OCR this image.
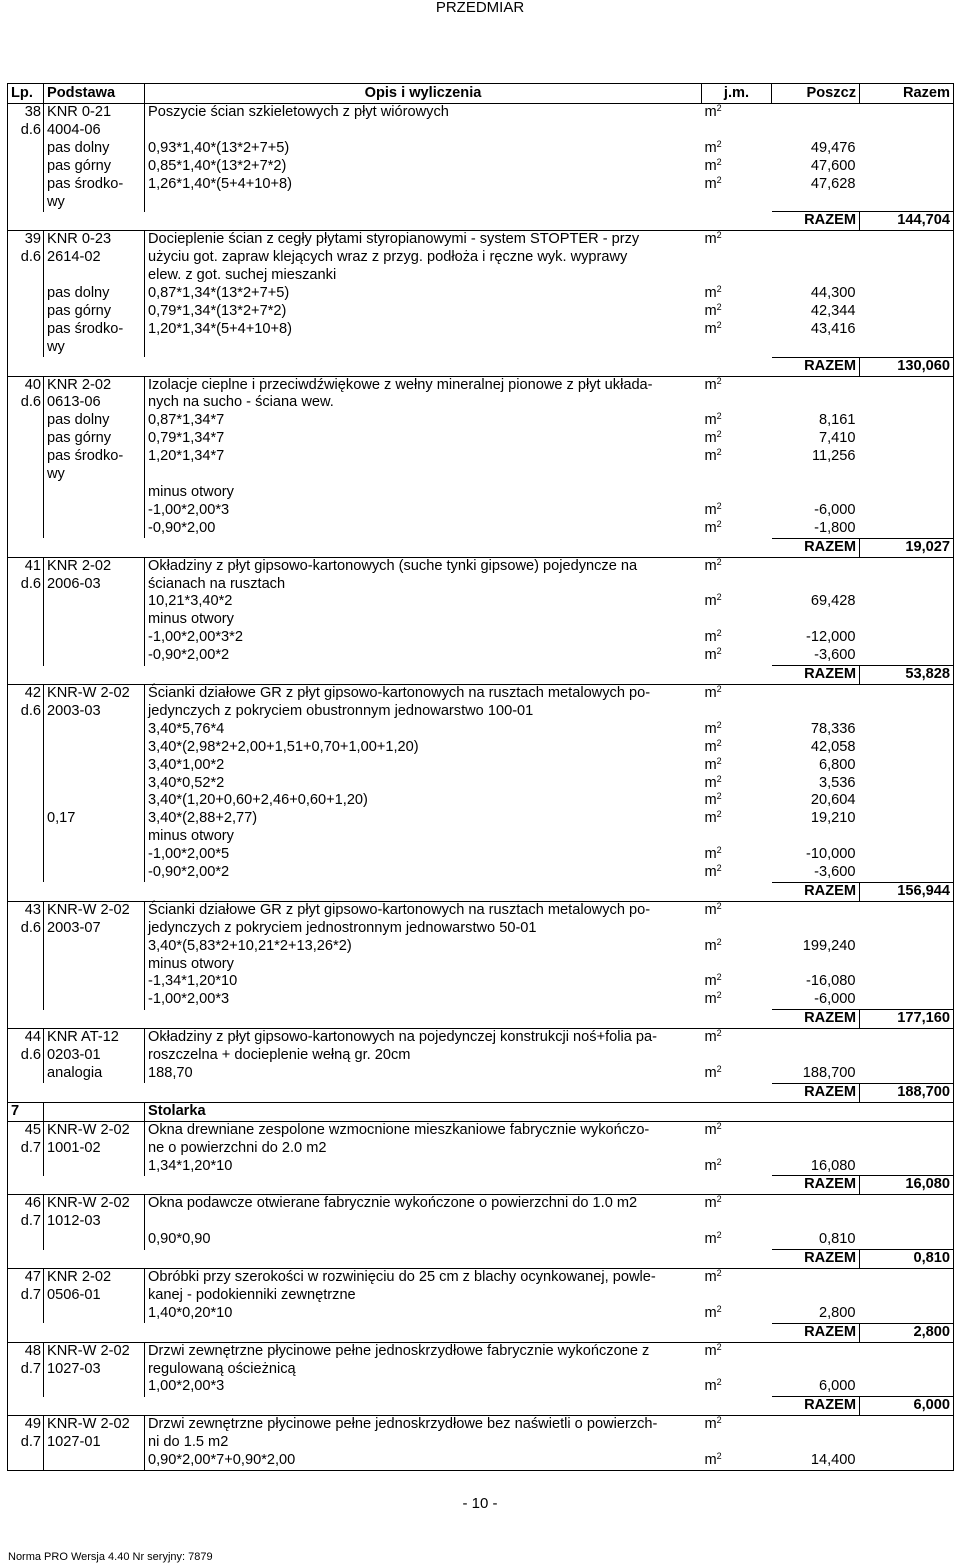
PRZEDMIAR
Lp.	Podstawa	Opis i wyliczenia	j.m.	Poszcz	Razem
38	KNR 0-21	Poszycie ścian szkieletowych z płyt wiórowych	$m^2$		
d.6	4004-06				
	pas dolny	0,93*1,40*(13*2+7+5)	$m^2$	49,476	
	pas górny	0,85*1,40*(13*2+7*2)	$m^2$	47,600	
	pas środko-	1,26*1,40*(5+4+10+8)	$m^2$	47,628	
	wy				
				RAZEM	144,704
39	KNR 0-23	Docieplenie ścian z cegły płytami styropianowymi - system STOPTER - przy	$m^2$		
d.6	2614-02	użyciu got. zapraw klejących wraz z przyg. podłoża i ręczne wyk. wyprawy			
		elew. z got. suchej mieszanki			
	pas dolny	0,87*1,34*(13*2+7+5)	$m^2$	44,300	
	pas górny	0,79*1,34*(13*2+7*2)	$m^2$	42,344	
	pas środko-	1,20*1,34*(5+4+10+8)	$m^2$	43,416	
	wy				
				RAZEM	130,060
40	KNR 2-02	Izolacje cieplne i przeciwdźwiękowe z wełny mineralnej pionowe z płyt układa-	$m^2$		
d.6	0613-06	nych na sucho - ściana wew.			
	pas dolny	0,87*1,34*7	$m^2$	8,161	
	pas górny	0,79*1,34*7	$m^2$	7,410	
	pas środko-	1,20*1,34*7	$m^2$	11,256	
	wy				
		minus otwory			
		-1,00*2,00*3	$m^2$	-6,000	
		-0,90*2,00	$m^2$	-1,800	
				RAZEM	19,027
41	KNR 2-02	Okładziny z płyt gipsowo-kartonowych (suche tynki gipsowe) pojedyncze na	$m^2$		
d.6	2006-03	ścianach na rusztach			
		10,21*3,40*2	$m^2$	69,428	
		minus otwory			
		-1,00*2,00*3*2	$m^2$	-12,000	
		-0,90*2,00*2	$m^2$	-3,600	
				RAZEM	53,828
42	KNR-W 2-02	Ścianki działowe GR z płyt gipsowo-kartonowych na rusztach metalowych po-	$m^2$		
d.6	2003-03	jedynczych z pokryciem obustronnym jednowarstwo 100-01			
		3,40*5,76*4	$m^2$	78,336	
		3,40*(2,98*2+2,00+1,51+0,70+1,00+1,20)	$m^2$	42,058	
		3,40*1,00*2	$m^2$	6,800	
		3,40*0,52*2	$m^2$	3,536	
		3,40*(1,20+0,60+2,46+0,60+1,20)	$m^2$	20,604	
	0,17	3,40*(2,88+2,77)	$m^2$	19,210	
		minus otwory			
		-1,00*2,00*5	$m^2$	-10,000	
		-0,90*2,00*2	$m^2$	-3,600	
				RAZEM	156,944
43	KNR-W 2-02	Ścianki działowe GR z płyt gipsowo-kartonowych na rusztach metalowych po-	$m^2$		
d.6	2003-07	jedynczych z pokryciem jednostronnym jednowarstwo 50-01			
		3,40*(5,83*2+10,21*2+13,26*2)	$m^2$	199,240	
		minus otwory			
		-1,34*1,20*10	$m^2$	-16,080	
		-1,00*2,00*3	$m^2$	-6,000	
				RAZEM	177,160
44	KNR AT-12	Okładziny z płyt gipsowo-kartonowych na pojedynczej konstrukcji noś+folia pa-	$m^2$		
d.6	0203-01	roszczelna + docieplenie wełną gr. 20cm			
	analogia	188,70	$m^2$	188,700	
				RAZEM	188,700
7		Stolarka			
45	KNR-W 2-02	Okna drewniane zespolone wzmocnione mieszkaniowe fabrycznie wykończo-	$m^2$		
d.7	1001-02	ne o powierzchni do 2.0 m2			
		1,34*1,20*10	$m^2$	16,080	
				RAZEM	16,080
46	KNR-W 2-02	Okna podawcze otwierane fabrycznie wykończone o powierzchni do 1.0 m2	$m^2$		
d.7	1012-03				
		0,90*0,90	$m^2$	0,810	
				RAZEM	0,810
47	KNR 2-02	Obróbki przy szerokości w rozwinięciu do 25 cm z blachy ocynkowanej, powle-	$m^2$		
d.7	0506-01	kanej - podokienniki zewnętrzne			
		1,40*0,20*10	$m^2$	2,800	
				RAZEM	2,800
48	KNR-W 2-02	Drzwi zewnętrzne płycinowe pełne jednoskrzydłowe fabrycznie wykończone z	$m^2$		
d.7	1027-03	regulowaną ościeżnicą			
		1,00*2,00*3	$m^2$	6,000	
				RAZEM	6,000
49	KNR-W 2-02	Drzwi zewnętrzne płycinowe pełne jednoskrzydłowe bez naświetli o powierzch-	$m^2$		
d.7	1027-01	ni do 1.5 m2			
		0,90*2,00*7+0,90*2,00	$m^2$	14,400	
- 10 -
Norma PRO Wersja 4.40 Nr seryjny: 7879
